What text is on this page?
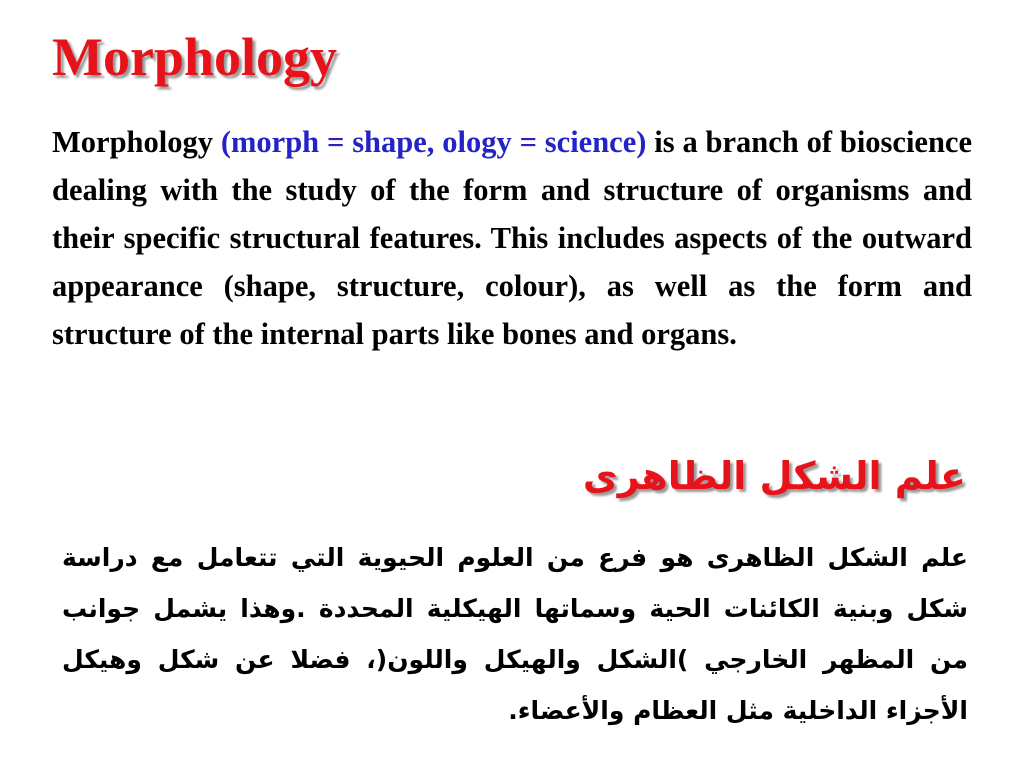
Morphology

Morphology (morph = shape, ology = science) is a branch of bioscience dealing with the study of the form and structure of organisms and their specific structural features. This includes aspects of the outward appearance (shape, structure, colour), as well as the form and structure of the internal parts like bones and organs.

علم الشكل الظاهرى

علم الشكل الظاهرى هو فرع من العلوم الحيوية التي تتعامل مع دراسة شكل وبنية الكائنات الحية وسماتها الهيكلية المحددة .وهذا يشمل جوانب من المظهر الخارجي )الشكل والهيكل واللون(، فضلا عن شكل وهيكل الأجزاء الداخلية مثل العظام والأعضاء.
